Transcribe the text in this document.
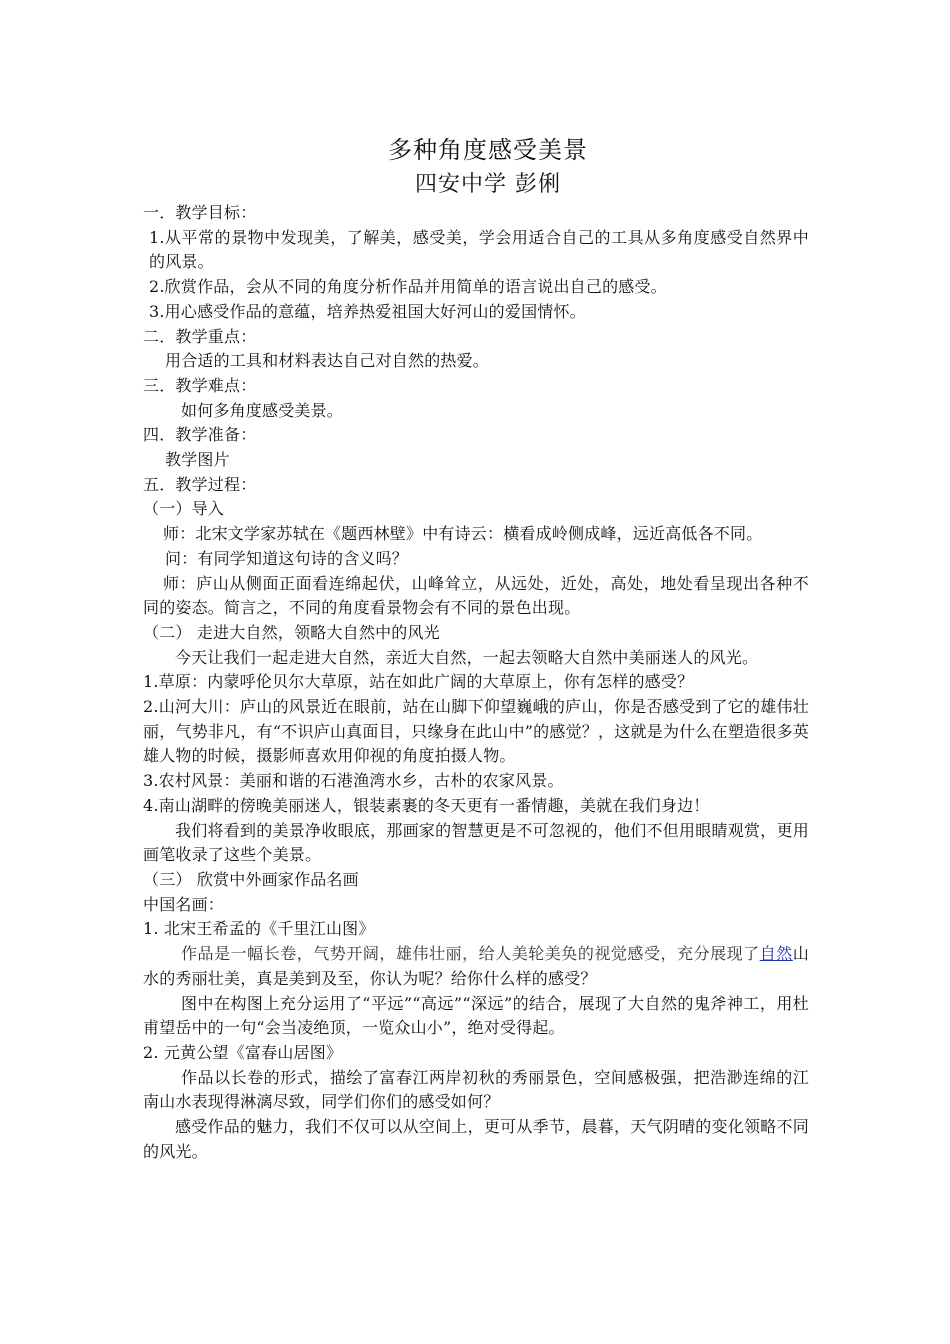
多种角度感受美景
四安中学 彭俐

一．教学目标：

1.从平常的景物中发现美，了解美，感受美，学会用适合自己的工具从多角度感受自然界中的风景。

2.欣赏作品，会从不同的角度分析作品并用简单的语言说出自己的感受。

3.用心感受作品的意蕴，培养热爱祖国大好河山的爱国情怀。

二．教学重点：

用合适的工具和材料表达自己对自然的热爱。

三．教学难点：

如何多角度感受美景。

四．教学准备：

教学图片

五．教学过程：

（一）导入

师：北宋文学家苏轼在《题西林壁》中有诗云：横看成岭侧成峰，远近高低各不同。

问：有同学知道这句诗的含义吗？

师：庐山从侧面正面看连绵起伏，山峰耸立，从远处，近处，高处，地处看呈现出各种不同的姿态。简言之，不同的角度看景物会有不同的景色出现。

（二） 走进大自然，领略大自然中的风光

今天让我们一起走进大自然，亲近大自然，一起去领略大自然中美丽迷人的风光。

1.草原：内蒙呼伦贝尔大草原，站在如此广阔的大草原上，你有怎样的感受？

2.山河大川：庐山的风景近在眼前，站在山脚下仰望巍峨的庐山，你是否感受到了它的雄伟壮丽，气势非凡，有“不识庐山真面目，只缘身在此山中”的感觉？，这就是为什么在塑造很多英雄人物的时候，摄影师喜欢用仰视的角度拍摄人物。

3.农村风景：美丽和谐的石港渔湾水乡，古朴的农家风景。

4.南山湖畔的傍晚美丽迷人，银装素裹的冬天更有一番情趣，美就在我们身边！

我们将看到的美景净收眼底，那画家的智慧更是不可忽视的，他们不但用眼睛观赏，更用画笔收录了这些个美景。

（三） 欣赏中外画家作品名画

中国名画：

1. 北宋王希孟的《千里江山图》

作品是一幅长卷，气势开阔，雄伟壮丽，给人美轮美奂的视觉感受，充分展现了自然山水的秀丽壮美，真是美到及至，你认为呢？给你什么样的感受？

图中在构图上充分运用了“平远”“高远”“深远”的结合，展现了大自然的鬼斧神工，用杜甫望岳中的一句“会当凌绝顶，一览众山小”，绝对受得起。

2. 元黄公望《富春山居图》

作品以长卷的形式，描绘了富春江两岸初秋的秀丽景色，空间感极强，把浩渺连绵的江南山水表现得淋漓尽致，同学们你们的感受如何？

感受作品的魅力，我们不仅可以从空间上，更可从季节，晨暮，天气阴晴的变化领略不同的风光。
